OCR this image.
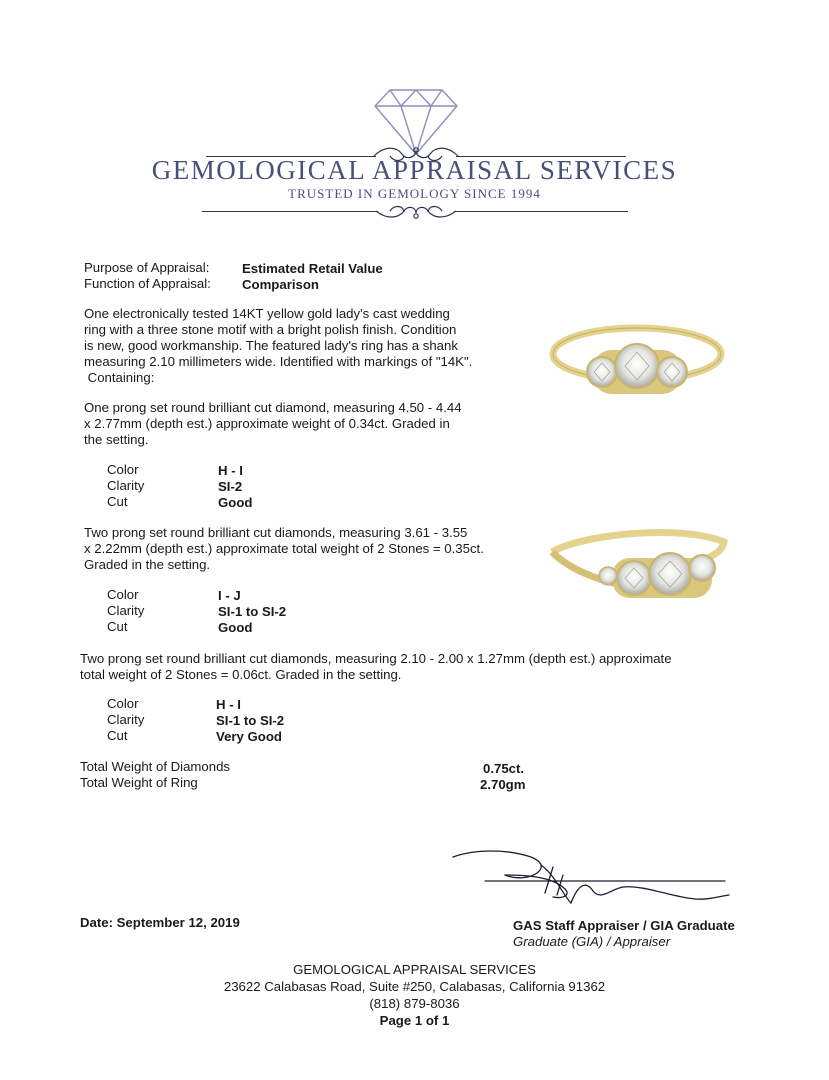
GEMOLOGICAL APPRAISAL SERVICES
TRUSTED IN GEMOLOGY SINCE 1994
Purpose of Appraisal: Estimated Retail Value
Function of Appraisal: Comparison
One electronically tested 14KT yellow gold lady's cast wedding
ring with a three stone motif with a bright polish finish. Condition
is new, good workmanship. The featured lady's ring has a shank
measuring 2.10 millimeters wide. Identified with markings of "14K".
Containing:
One prong set round brilliant cut diamond, measuring 4.50 - 4.44
x 2.77mm (depth est.) approximate weight of 0.34ct. Graded in
the setting.
Color	H - I
Clarity	SI-2
Cut	Good
Two prong set round brilliant cut diamonds, measuring 3.61 - 3.55
x 2.22mm (depth est.) approximate total weight of 2 Stones = 0.35ct.
Graded in the setting.
Color	I - J
Clarity	SI-1 to SI-2
Cut	Good
Two prong set round brilliant cut diamonds, measuring 2.10 - 2.00 x 1.27mm (depth est.) approximate
total weight of 2 Stones = 0.06ct. Graded in the setting.
Color	H - I
Clarity	SI-1 to SI-2
Cut	Very Good
Total Weight of Diamonds	0.75ct.
Total Weight of Ring	2.70gm
Date: September 12, 2019	GAS Staff Appraiser / GIA Graduate
Graduate (GIA) / Appraiser
GEMOLOGICAL APPRAISAL SERVICES
23622 Calabasas Road, Suite #250, Calabasas, California 91362
(818) 879-8036
Page 1 of 1
